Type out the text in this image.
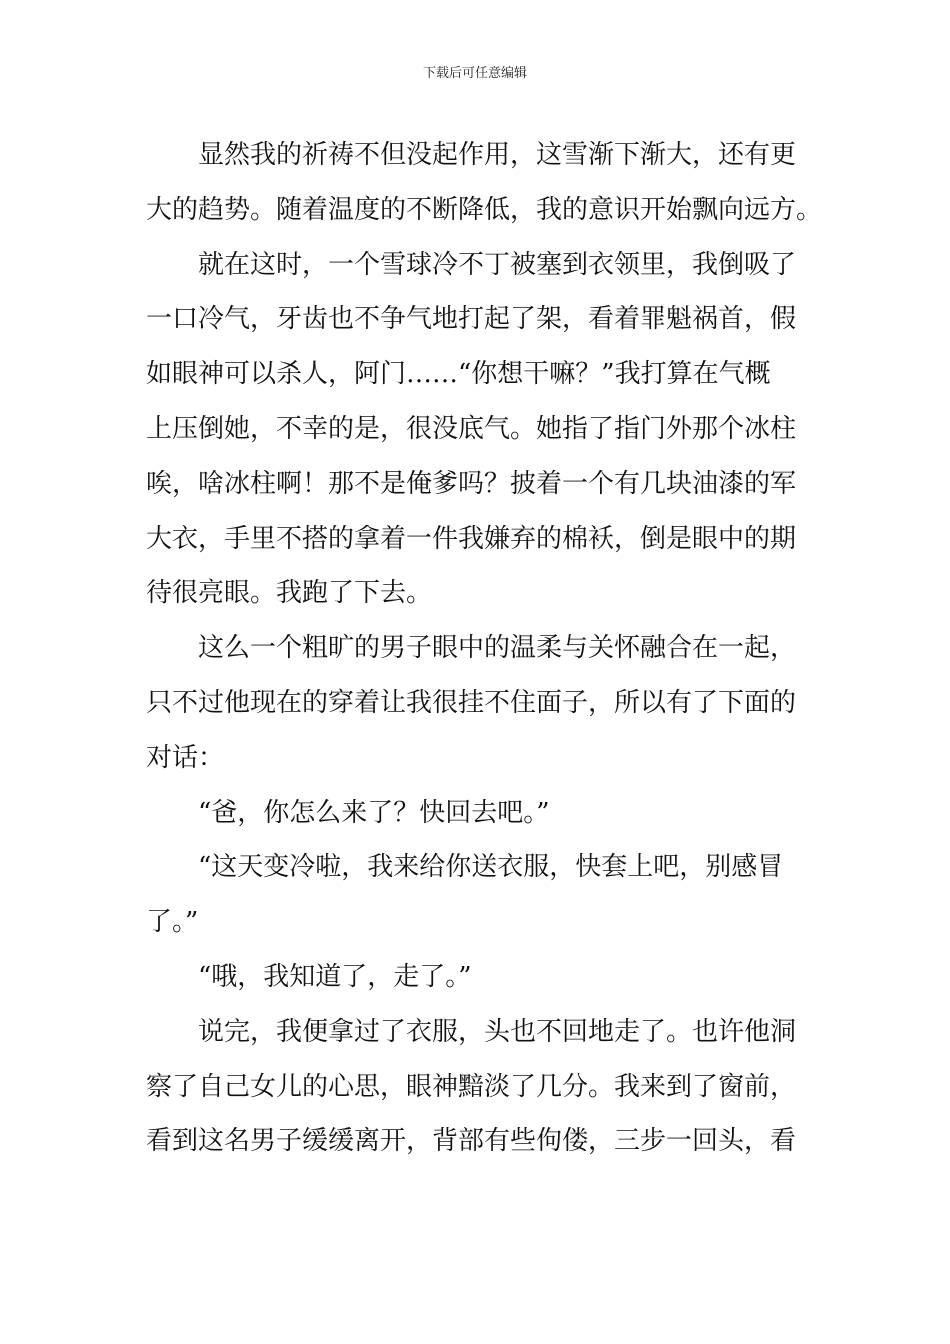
下载后可任意编辑
显然我的祈祷不但没起作用，这雪渐下渐大，还有更
大的趋势。随着温度的不断降低，我的意识开始飘向远方。
就在这时，一个雪球冷不丁被塞到衣领里，我倒吸了
一口冷气，牙齿也不争气地打起了架，看着罪魁祸首，假
如眼神可以杀人，阿门……“你想干嘛？”我打算在气概
上压倒她，不幸的是，很没底气。她指了指门外那个冰柱
唉，啥冰柱啊！那不是俺爹吗？披着一个有几块油漆的军
大衣，手里不搭的拿着一件我嫌弃的棉袄，倒是眼中的期
待很亮眼。我跑了下去。
这么一个粗旷的男子眼中的温柔与关怀融合在一起，
只不过他现在的穿着让我很挂不住面子，所以有了下面的
对话：
“爸，你怎么来了？快回去吧。”
“这天变冷啦，我来给你送衣服，快套上吧，别感冒
了。”
“哦，我知道了，走了。”
说完，我便拿过了衣服，头也不回地走了。也许他洞
察了自己女儿的心思，眼神黯淡了几分。我来到了窗前，
看到这名男子缓缓离开，背部有些佝偻，三步一回头，看
